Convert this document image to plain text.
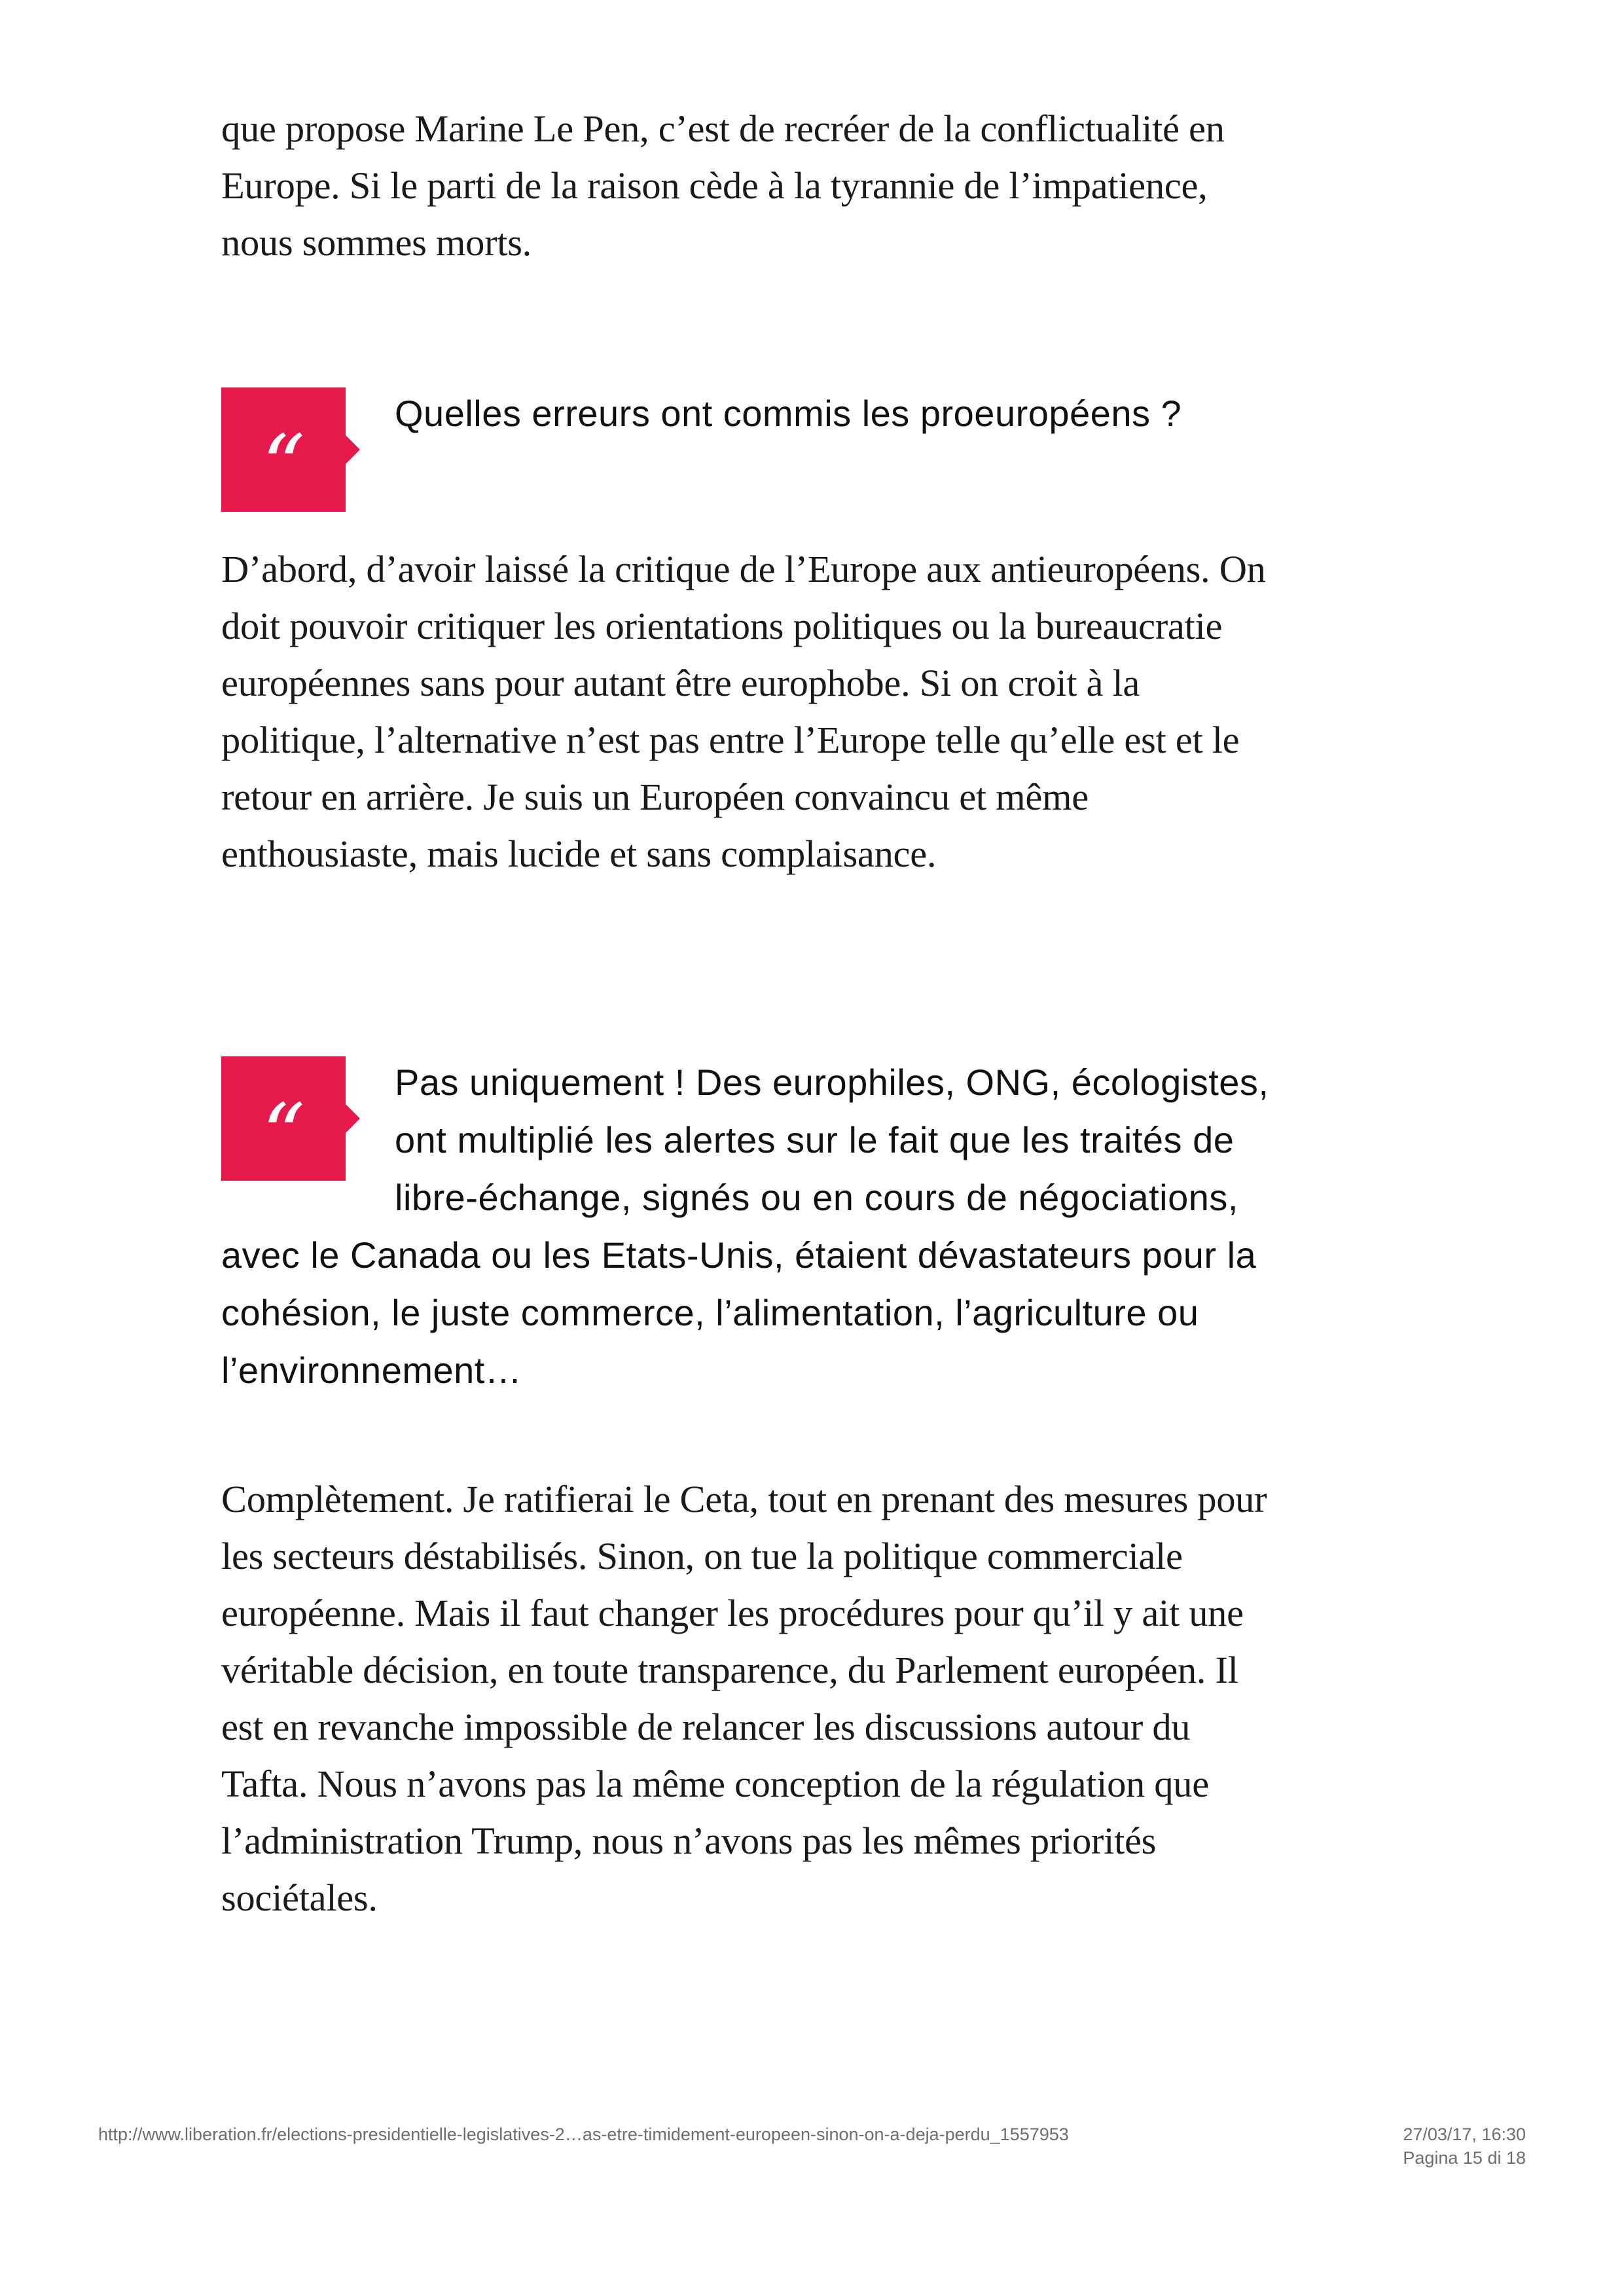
que propose Marine Le Pen, c’est de recréer de la conflictualité en Europe. Si le parti de la raison cède à la tyrannie de l’impatience, nous sommes morts.

“

Quelles erreurs ont commis les proeuropéens ?

D’abord, d’avoir laissé la critique de l’Europe aux antieuropéens. On doit pouvoir critiquer les orientations politiques ou la bureaucratie européennes sans pour autant être europhobe. Si on croit à la politique, l’alternative n’est pas entre l’Europe telle qu’elle est et le retour en arrière. Je suis un Européen convaincu et même enthousiaste, mais lucide et sans complaisance.

“

Pas uniquement ! Des europhiles, ONG, écologistes, ont multiplié les alertes sur le fait que les traités de libre-échange, signés ou en cours de négociations, avec le Canada ou les Etats-Unis, étaient dévastateurs pour la cohésion, le juste commerce, l’alimentation, l’agriculture ou l’environnement…

Complètement. Je ratifierai le Ceta, tout en prenant des mesures pour les secteurs déstabilisés. Sinon, on tue la politique commerciale européenne. Mais il faut changer les procédures pour qu’il y ait une véritable décision, en toute transparence, du Parlement européen. Il est en revanche impossible de relancer les discussions autour du Tafta. Nous n’avons pas la même conception de la régulation que l’administration Trump, nous n’avons pas les mêmes priorités sociétales.

http://www.liberation.fr/elections-presidentielle-legislatives-2…as-etre-timidement-europeen-sinon-on-a-deja-perdu_1557953	27/03/17, 16:30
Pagina 15 di 18
